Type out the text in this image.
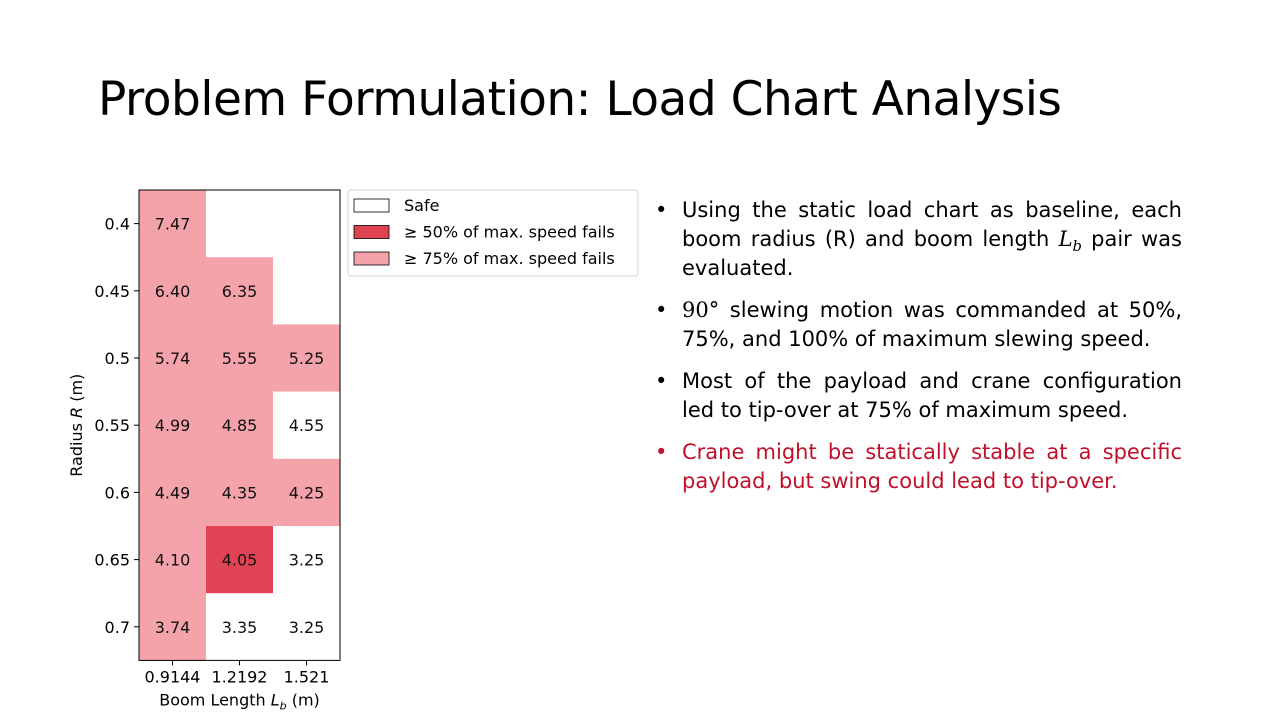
Problem Formulation: Load Chart Analysis
7.47
6.40 6.35
5.74 5.55 5.25
4.99 4.85 4.55
4.49 4.35 4.25
4.10 4.05 3.25
3.74 3.35 3.25
0.4
0.45
0.5
0.55
0.6
0.65
0.7
0.9144 1.2192 1.521
Radius R (m)
Boom Length $L_b$ (m)
Safe
≥ 50% of max. speed fails
≥ 75% of max. speed fails
• Using the static load chart as baseline, each boom radius (R) and boom length $L_b$ pair was evaluated.
• 90° slewing motion was commanded at 50%, 75%, and 100% of maximum slewing speed.
• Most of the payload and crane configuration led to tip-over at 75% of maximum speed.
• Crane might be statically stable at a specific payload, but swing could lead to tip-over.
